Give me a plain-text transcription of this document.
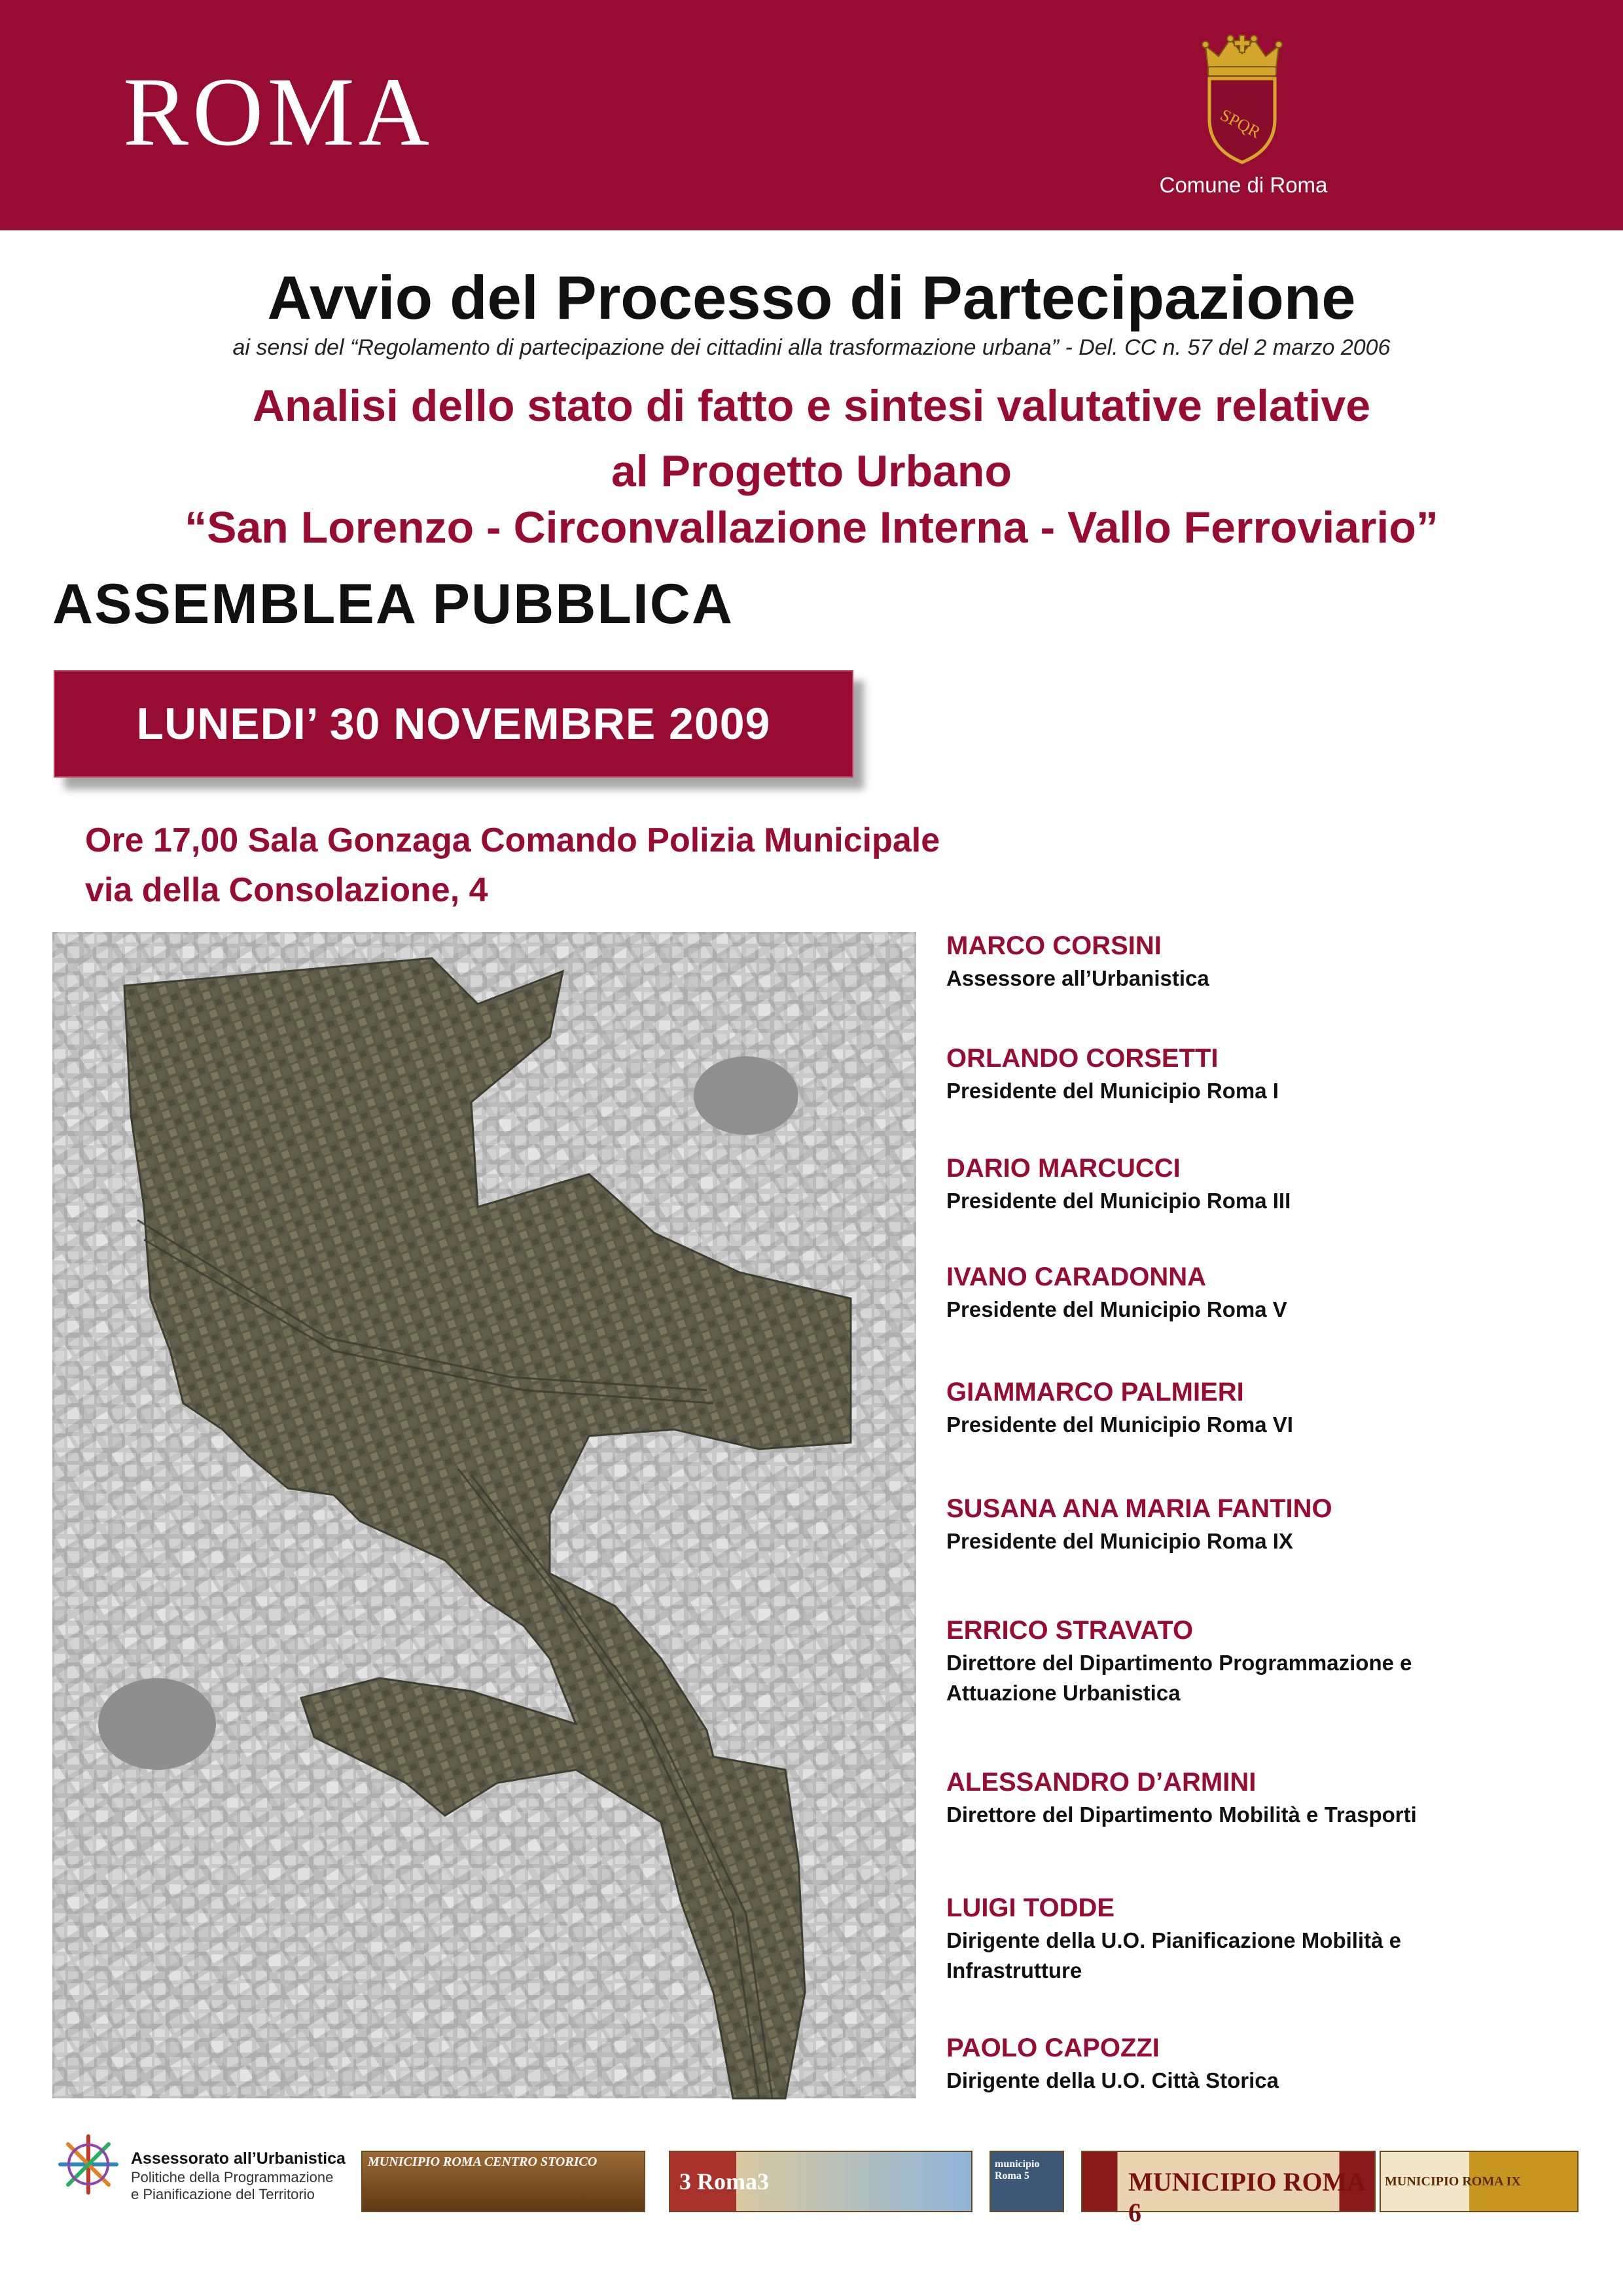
ROMA	SPQR
Comune di Roma
Avvio del Processo di Partecipazione
ai sensi del “Regolamento di partecipazione dei cittadini alla trasformazione urbana” - Del. CC n. 57 del 2 marzo 2006
Analisi dello stato di fatto e sintesi valutative relative
al Progetto Urbano
“San Lorenzo - Circonvallazione Interna - Vallo Ferroviario”
ASSEMBLEA PUBBLICA
LUNEDI’ 30 NOVEMBRE 2009
Ore 17,00 Sala Gonzaga Comando Polizia Municipale
via della Consolazione, 4
MARCO CORSINI
Assessore all’Urbanistica
ORLANDO CORSETTI
Presidente del Municipio Roma I
DARIO MARCUCCI
Presidente del Municipio Roma III
IVANO CARADONNA
Presidente del Municipio Roma V
GIAMMARCO PALMIERI
Presidente del Municipio Roma VI
SUSANA ANA MARIA FANTINO
Presidente del Municipio Roma IX
ERRICO STRAVATO
Direttore del Dipartimento Programmazione e
Attuazione Urbanistica
ALESSANDRO D’ARMINI
Direttore del Dipartimento Mobilità e Trasporti
LUIGI TODDE
Dirigente della U.O. Pianificazione Mobilità e
Infrastrutture
PAOLO CAPOZZI
Dirigente della U.O. Città Storica
Assessorato all’Urbanistica
Politiche della Programmazione
e Pianificazione del Territorio
MUNICIPIO ROMA CENTRO STORICO
3 Roma3
municipio Roma 5	MUNICIPIO ROMA 6
MUNICIPIO ROMA IX
